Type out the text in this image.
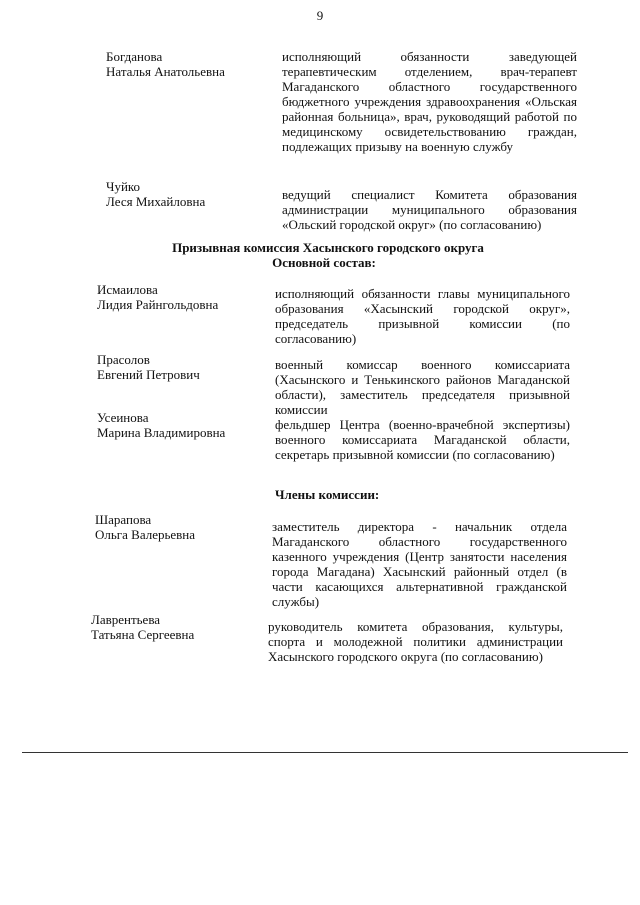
9
Богданова
Наталья Анатольевна
исполняющий обязанности заведующей терапевтическим отделением, врач-терапевт Магаданского областного государственного бюджетного учреждения здравоохранения «Ольская районная больница», врач, руководящий работой по медицинскому освидетельствованию граждан, подлежащих призыву на военную службу
Чуйко
Леся Михайловна	ведущий специалист Комитета образования администрации муниципального образования «Ольский городской округ» (по согласованию)
Призывная комиссия Хасынского городского округа
Основной состав:
Исмаилова
Лидия Райнгольдовна
исполняющий обязанности главы муниципального образования «Хасынский городской округ», председатель призывной комиссии (по согласованию)
Прасолов
Евгений Петрович
военный комиссар военного комиссариата (Хасынского и Тенькинского районов Магаданской области), заместитель председателя призывной комиссии
Усеинова
Марина Владимировна
фельдшер Центра (военно-врачебной экспертизы) военного комиссариата Магаданской области, секретарь призывной комиссии (по согласованию)
Члены комиссии:
Шарапова
Ольга Валерьевна
заместитель директора - начальник отдела Магаданского областного государственного казенного учреждения (Центр занятости населения города Магадана) Хасынский районный отдел (в части касающихся альтернативной гражданской службы)
Лаврентьева
Татьяна Сергеевна
руководитель комитета образования, культуры, спорта и молодежной политики администрации Хасынского городского округа (по согласованию)
